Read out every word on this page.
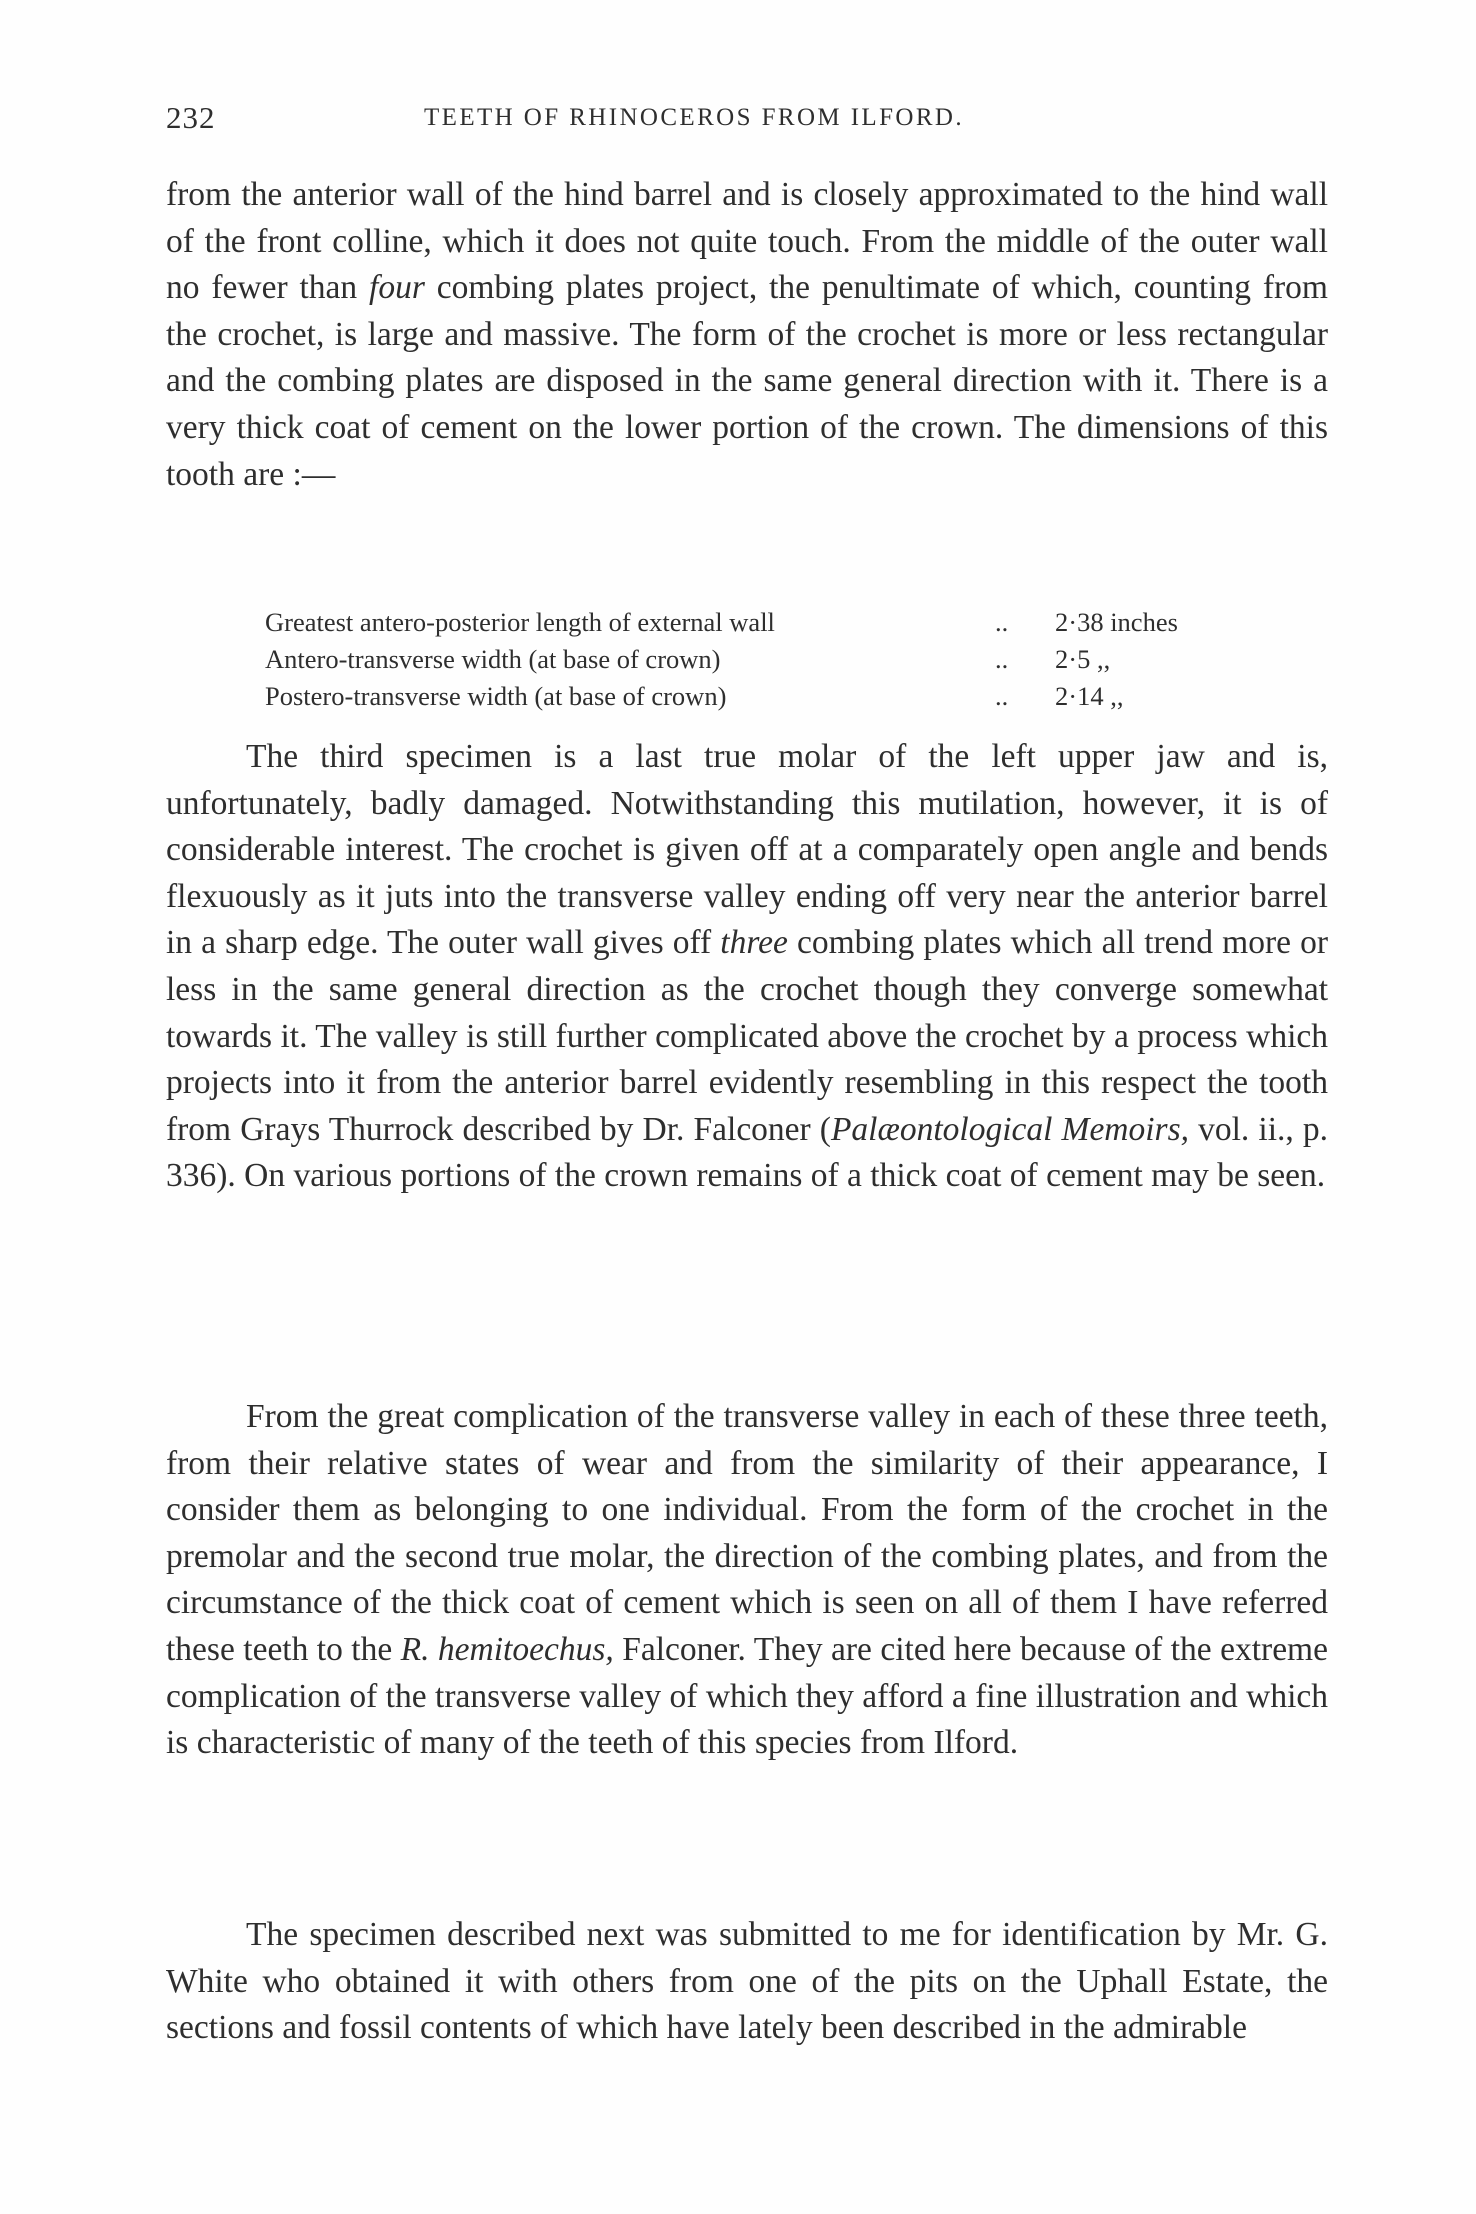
232	TEETH OF RHINOCEROS FROM ILFORD.

from the anterior wall of the hind barrel and is closely approximated to the hind wall of the front colline, which it does not quite touch. From the middle of the outer wall no fewer than four combing plates project, the penultimate of which, counting from the crochet, is large and massive. The form of the crochet is more or less rectangular and the combing plates are disposed in the same general direction with it. There is a very thick coat of cement on the lower portion of the crown. The dimensions of this tooth are :—

Greatest antero-posterior length of external wall	.. 2·38 inches
Antero-transverse width (at base of crown)	.. 2·5 ,,
Postero-transverse width (at base of crown)	.. 2·14 ,,

The third specimen is a last true molar of the left upper jaw and is, unfortunately, badly damaged. Notwithstanding this mutilation, however, it is of considerable interest. The crochet is given off at a comparately open angle and bends flexuously as it juts into the transverse valley ending off very near the anterior barrel in a sharp edge. The outer wall gives off three combing plates which all trend more or less in the same general direction as the crochet though they converge somewhat towards it. The valley is still further complicated above the crochet by a process which projects into it from the anterior barrel evidently resembling in this respect the tooth from Grays Thurrock described by Dr. Falconer (Palæontological Memoirs, vol. ii., p. 336). On various portions of the crown remains of a thick coat of cement may be seen.

From the great complication of the transverse valley in each of these three teeth, from their relative states of wear and from the similarity of their appearance, I consider them as belonging to one individual. From the form of the crochet in the premolar and the second true molar, the direction of the combing plates, and from the circumstance of the thick coat of cement which is seen on all of them I have referred these teeth to the R. hemitoechus, Falconer. They are cited here because of the extreme complication of the transverse valley of which they afford a fine illustration and which is characteristic of many of the teeth of this species from Ilford.

The specimen described next was submitted to me for identification by Mr. G. White who obtained it with others from one of the pits on the Uphall Estate, the sections and fossil contents of which have lately been described in the admirable
